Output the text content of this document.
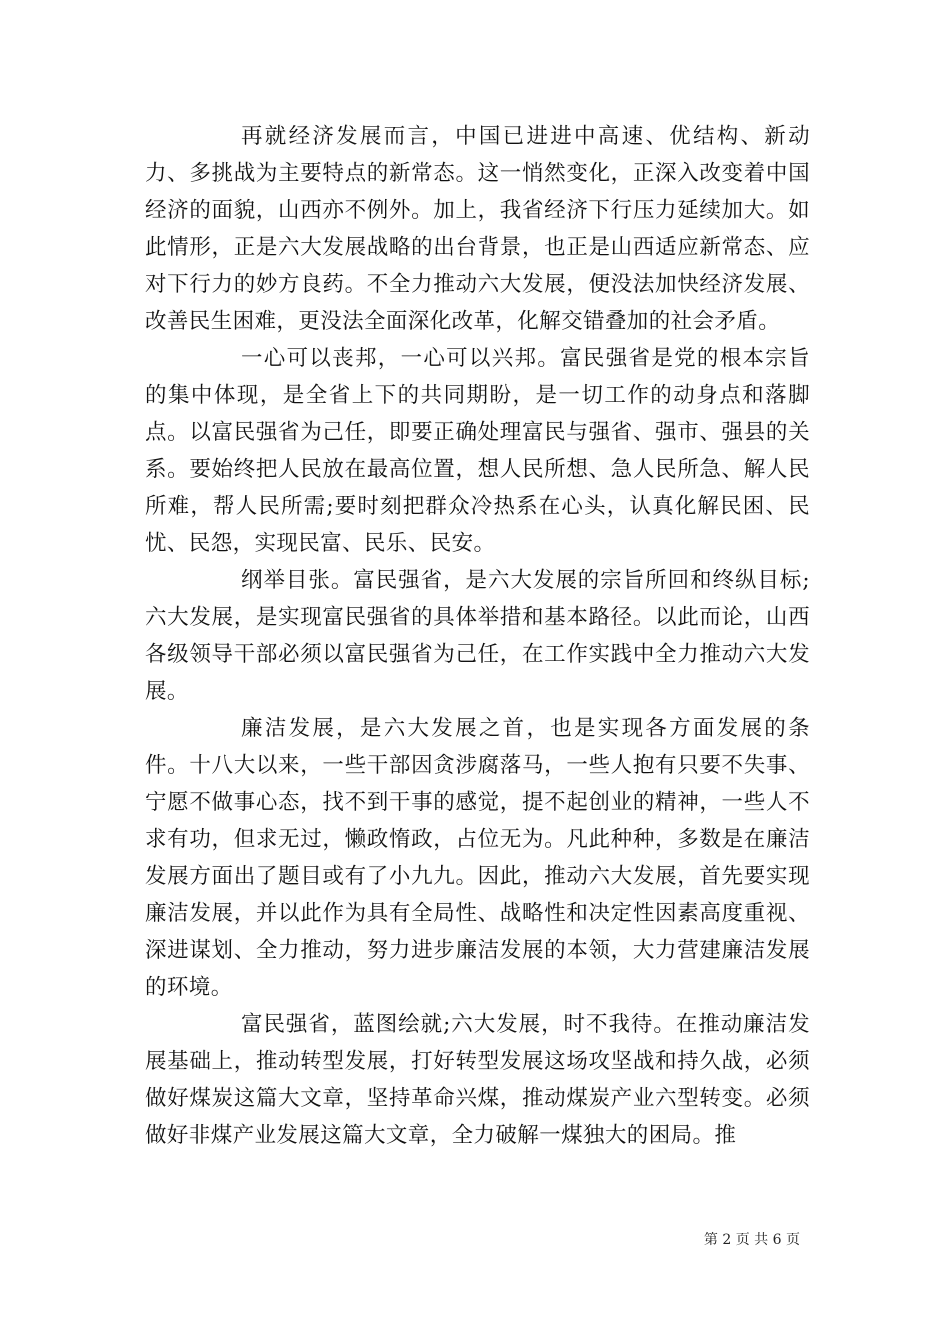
再就经济发展而言，中国已进进中高速、优结构、新动力、多挑战为主要特点的新常态。这一悄然变化，正深入改变着中国经济的面貌，山西亦不例外。加上，我省经济下行压力延续加大。如此情形，正是六大发展战略的出台背景，也正是山西适应新常态、应对下行力的妙方良药。不全力推动六大发展，便没法加快经济发展、改善民生困难，更没法全面深化改革，化解交错叠加的社会矛盾。

一心可以丧邦，一心可以兴邦。富民强省是党的根本宗旨的集中体现，是全省上下的共同期盼，是一切工作的动身点和落脚点。以富民强省为己任，即要正确处理富民与强省、强市、强县的关系。要始终把人民放在最高位置，想人民所想、急人民所急、解人民所难，帮人民所需;要时刻把群众冷热系在心头，认真化解民困、民忧、民怨，实现民富、民乐、民安。

纲举目张。富民强省，是六大发展的宗旨所回和终纵目标;六大发展，是实现富民强省的具体举措和基本路径。以此而论，山西各级领导干部必须以富民强省为己任，在工作实践中全力推动六大发展。

廉洁发展，是六大发展之首，也是实现各方面发展的条件。十八大以来，一些干部因贪涉腐落马，一些人抱有只要不失事、宁愿不做事心态，找不到干事的感觉，提不起创业的精神，一些人不求有功，但求无过，懒政惰政，占位无为。凡此种种，多数是在廉洁发展方面出了题目或有了小九九。因此，推动六大发展，首先要实现廉洁发展，并以此作为具有全局性、战略性和决定性因素高度重视、深进谋划、全力推动，努力进步廉洁发展的本领，大力营建廉洁发展的环境。

富民强省，蓝图绘就;六大发展，时不我待。在推动廉洁发展基础上，推动转型发展，打好转型发展这场攻坚战和持久战，必须做好煤炭这篇大文章，坚持革命兴煤，推动煤炭产业六型转变。必须做好非煤产业发展这篇大文章，全力破解一煤独大的困局。推

第 2 页 共 6 页
